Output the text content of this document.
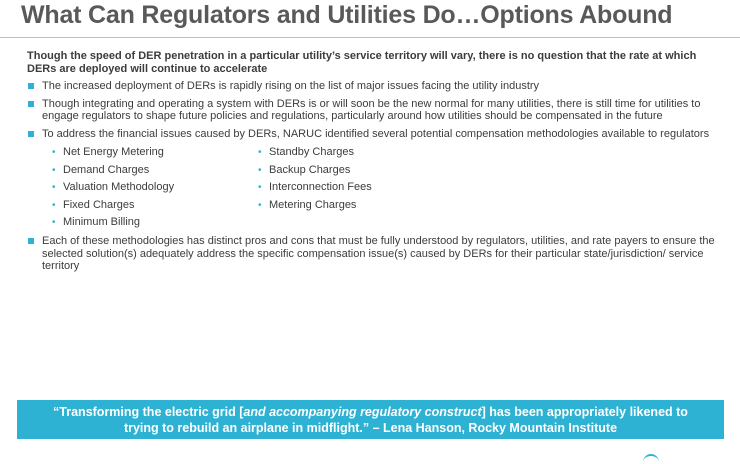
What Can Regulators and Utilities Do…Options Abound

Though the speed of DER penetration in a particular utility’s service territory will vary, there is no question that the rate at which DERs are deployed will continue to accelerate

The increased deployment of DERs is rapidly rising on the list of major issues facing the utility industry
Though integrating and operating a system with DERs is or will soon be the new normal for many utilities, there is still time for utilities to engage regulators to shape future policies and regulations, particularly around how utilities should be compensated in the future
To address the financial issues caused by DERs, NARUC identified several potential compensation methodologies available to regulators
• Net Energy Metering
• Demand Charges
• Valuation Methodology
• Fixed Charges
• Minimum Billing
• Standby Charges
• Backup Charges
• Interconnection Fees
• Metering Charges
Each of these methodologies has distinct pros and cons that must be fully understood by regulators, utilities, and rate payers to ensure the selected solution(s) adequately address the specific compensation issue(s) caused by DERs for their particular state/jurisdiction/ service territory
“Transforming the electric grid [and accompanying regulatory construct] has been appropriately likened to
trying to rebuild an airplane in midflight.” – Lena Hanson, Rocky Mountain Institute
